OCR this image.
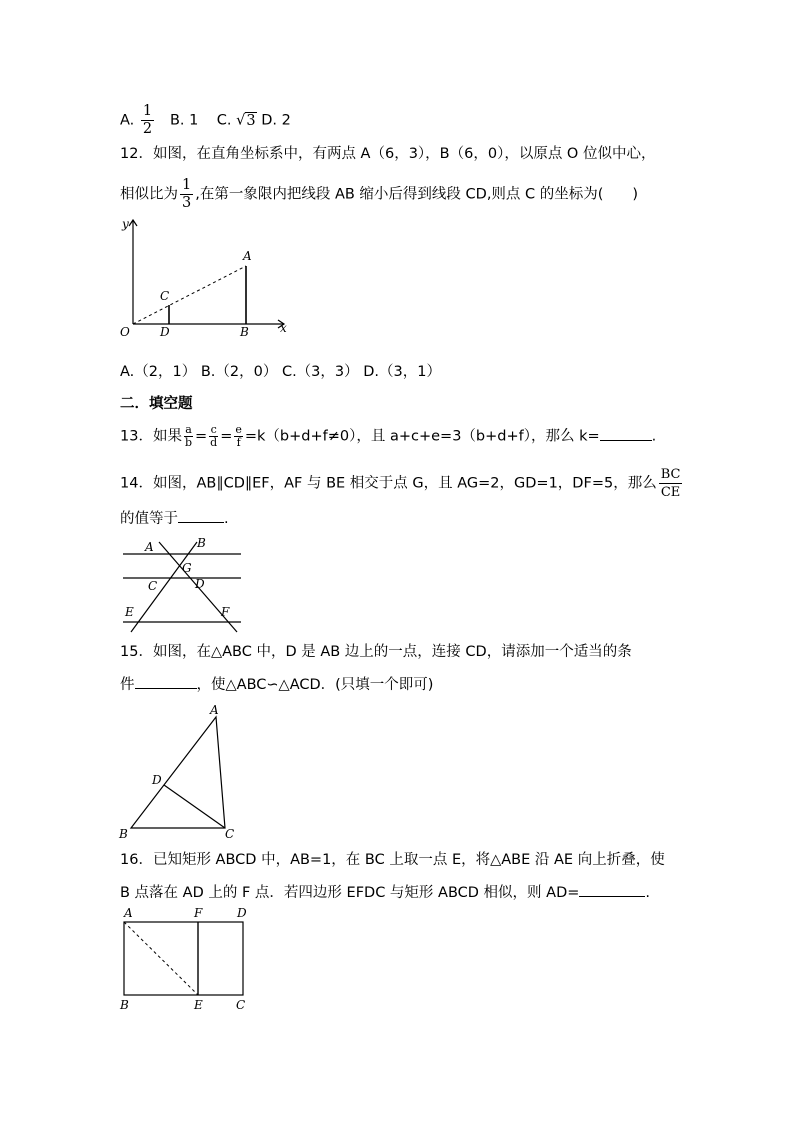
A. $\frac{1}{2} B$. 1 C. √3 D. 2
12．如图，在直角坐标系中，有两点 A（6，3），B（6，0），以原点 O 位似中心，
相似比为 $\frac{1}{3}$ ,在第一象限内把线段 AB 缩小后得到线段 CD,则点 C 的坐标为(　　)
y
x
O
A
B
C
D
A.（2，1） B.（2，0） C.（3，3） D.（3，1）
二．填空题
13．如果 $\frac{a}{b} = \frac{c}{d} = \frac{e}{f} =k(b+d+f\ne 0)$，且 a+c+e=3（b+d+f），那么 k=	.
14．如图，AB∥CD∥EF，AF 与 BE 相交于点 G，且 AG=2，GD=1，DF=5，那么 $\frac{BC}{CE}$
的值等于	.
A	B
G
C	D
E	F
15．如图，在△ABC 中，D 是 AB 边上的一点，连接 CD，请添加一个适当的条
件	，使△ABC∽△ACD．(只填一个即可)
A
B	C
D
16．已知矩形 ABCD 中，AB=1，在 BC 上取一点 E，将△ABE 沿 AE 向上折叠，使
B 点落在 AD 上的 F 点．若四边形 EFDC 与矩形 ABCD 相似，则 AD=	.
A	F	D
B	E	C
